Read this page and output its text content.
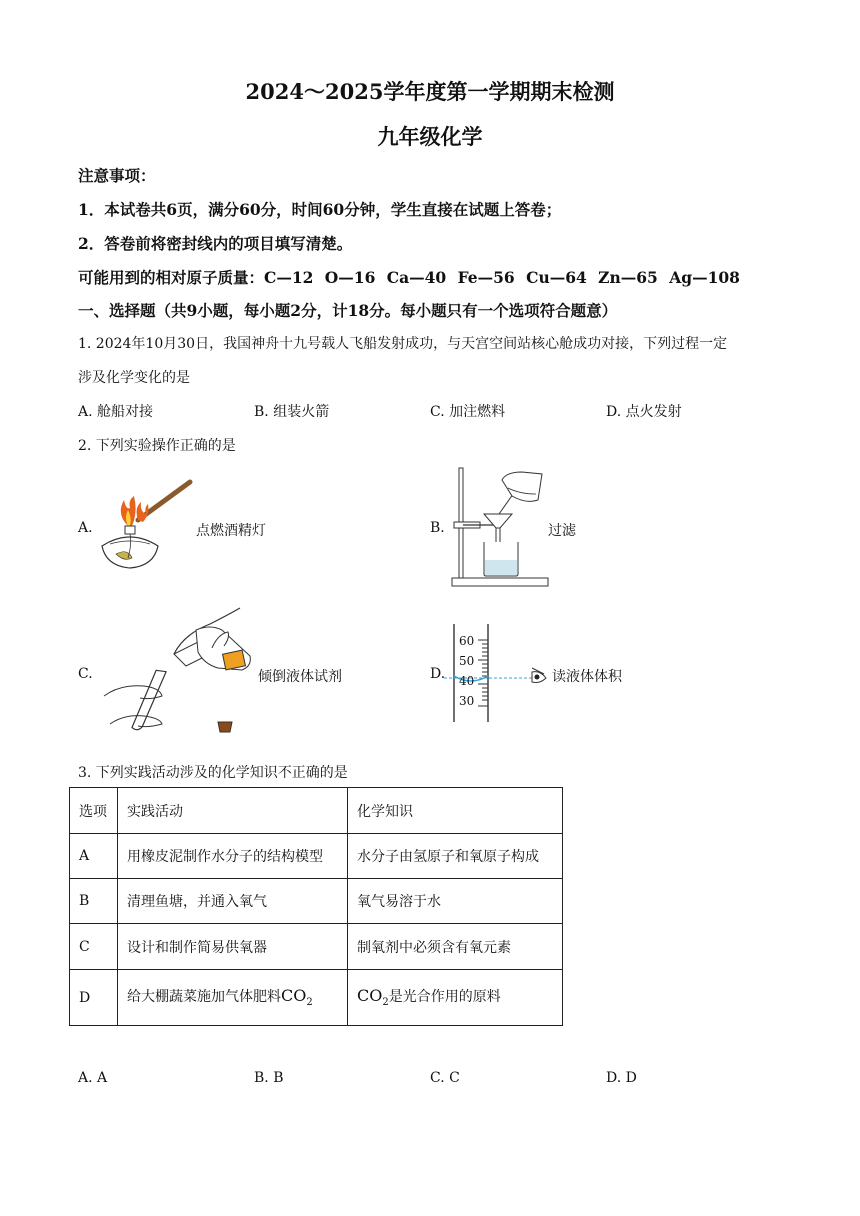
2024～2025学年度第一学期期末检测
九年级化学
注意事项：
1．本试卷共6页，满分60分，时间60分钟，学生直接在试题上答卷；
2．答卷前将密封线内的项目填写清楚。
可能用到的相对原子质量：C—12 O—16 Ca—40 Fe—56 Cu—64 Zn—65 Ag—108
一、选择题（共9小题，每小题2分，计18分。每小题只有一个选项符合题意）
1. 2024年10月30日，我国神舟十九号载人飞船发射成功，与天宫空间站核心舱成功对接，下列过程一定
涉及化学变化的是
A. 舱船对接	B. 组装火箭	C. 加注燃料	D. 点火发射
2. 下列实验操作正确的是
A.	点燃酒精灯	B.	过滤
C.	倾倒液体试剂	D.
60
50
40
30
读液体体积
3. 下列实践活动涉及的化学知识不正确的是
选项	实践活动	化学知识
A	用橡皮泥制作水分子的结构模型	水分子由氢原子和氧原子构成
B	清理鱼塘，并通入氧气	氧气易溶于水
C	设计和制作简易供氧器	制氧剂中必须含有氧元素
D	给大棚蔬菜施加气体肥料$CO_2$	$CO_2$是光合作用的原料
A. A	B. B	C. C	D. D
